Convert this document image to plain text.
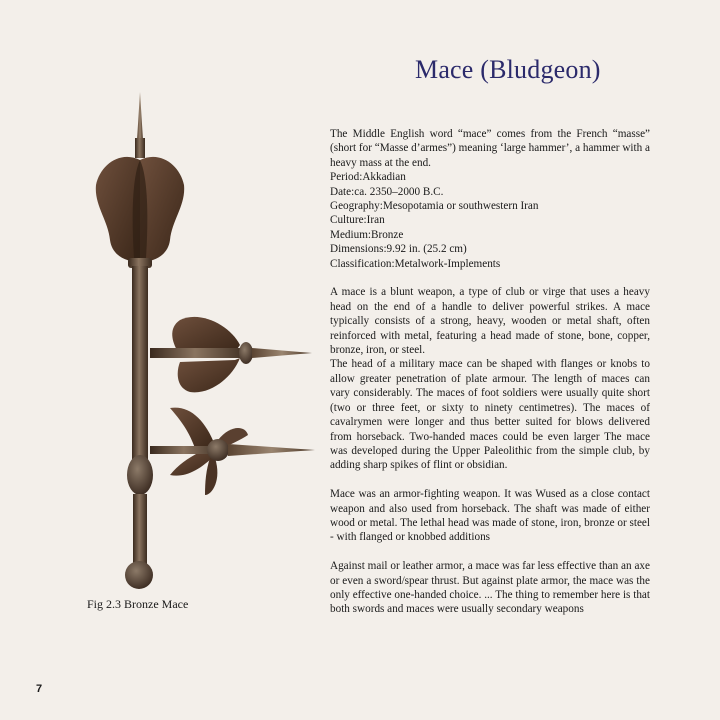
Mace (Bludgeon)

The Middle English word “mace” comes from the French “masse” (short for “Masse d’armes”) meaning ‘large hammer’, a hammer with a heavy mass at the end.

Period:Akkadian

Date:ca. 2350–2000 B.C.

Geography:Mesopotamia or southwestern Iran

Culture:Iran

Medium:Bronze

Dimensions:9.92 in. (25.2 cm)

Classification:Metalwork-Implements

A mace is a blunt weapon, a type of club or virge that uses a heavy head on the end of a handle to deliver powerful strikes. A mace typically consists of a strong, heavy, wooden or metal shaft, often reinforced with metal, featuring a head made of stone, bone, copper, bronze, iron, or steel.

The head of a military mace can be shaped with flanges or knobs to allow greater penetration of plate armour. The length of maces can vary considerably. The maces of foot soldiers were usually quite short (two or three feet, or sixty to ninety centimetres). The maces of cavalrymen were longer and thus better suited for blows delivered from horseback. Two-handed maces could be even larger The mace was developed during the Upper Paleolithic from the simple club, by adding sharp spikes of flint or obsidian.

Mace was an armor-fighting weapon. It was Wused as a close contact weapon and also used from horseback. The shaft was made of either wood or metal. The lethal head was made of stone, iron, bronze or steel - with flanged or knobbed additions

Against mail or leather armor, a mace was far less effective than an axe or even a sword/spear thrust. But against plate armor, the mace was the only effective one-handed choice. ... The thing to remember here is that both swords and maces were usually secondary weapons

Fig 2.3 Bronze Mace
7
